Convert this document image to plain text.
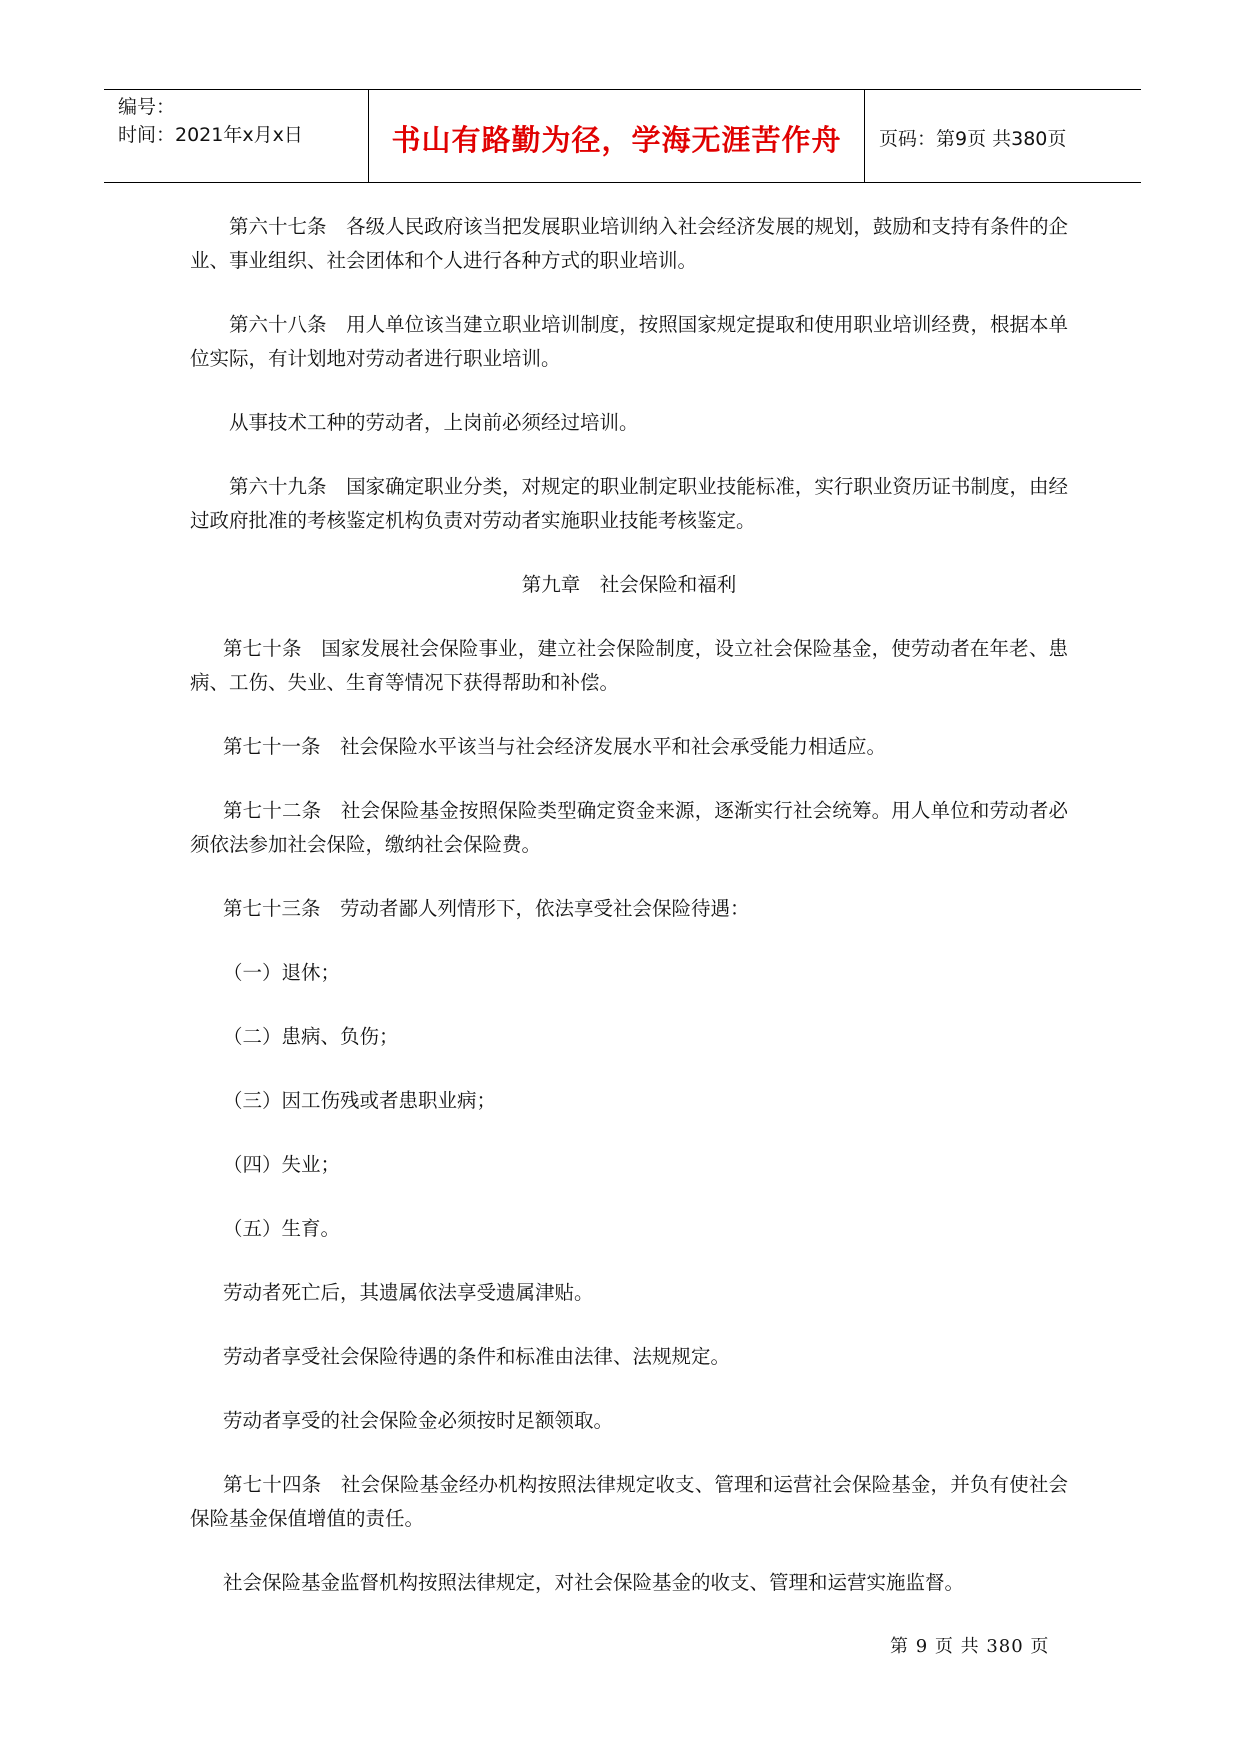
编号：
时间：2021年x月x日	书山有路勤为径，学海无涯苦作舟	页码：第9页 共380页

第六十七条　各级人民政府该当把发展职业培训纳入社会经济发展的规划，鼓励和支持有条件的企业、事业组织、社会团体和个人进行各种方式的职业培训。

第六十八条　用人单位该当建立职业培训制度，按照国家规定提取和使用职业培训经费，根据本单位实际，有计划地对劳动者进行职业培训。

从事技术工种的劳动者，上岗前必须经过培训。

第六十九条　国家确定职业分类，对规定的职业制定职业技能标准，实行职业资历证书制度，由经过政府批准的考核鉴定机构负责对劳动者实施职业技能考核鉴定。

第九章　社会保险和福利

第七十条　国家发展社会保险事业，建立社会保险制度，设立社会保险基金，使劳动者在年老、患病、工伤、失业、生育等情况下获得帮助和补偿。

第七十一条　社会保险水平该当与社会经济发展水平和社会承受能力相适应。

第七十二条　社会保险基金按照保险类型确定资金来源，逐渐实行社会统筹。用人单位和劳动者必须依法参加社会保险，缴纳社会保险费。

第七十三条　劳动者鄙人列情形下，依法享受社会保险待遇：

（一）退休；

（二）患病、负伤；

（三）因工伤残或者患职业病；

（四）失业；

（五）生育。

劳动者死亡后，其遗属依法享受遗属津贴。

劳动者享受社会保险待遇的条件和标准由法律、法规规定。

劳动者享受的社会保险金必须按时足额领取。

第七十四条　社会保险基金经办机构按照法律规定收支、管理和运营社会保险基金，并负有使社会保险基金保值增值的责任。

社会保险基金监督机构按照法律规定，对社会保险基金的收支、管理和运营实施监督。

第 9 页 共 380 页
